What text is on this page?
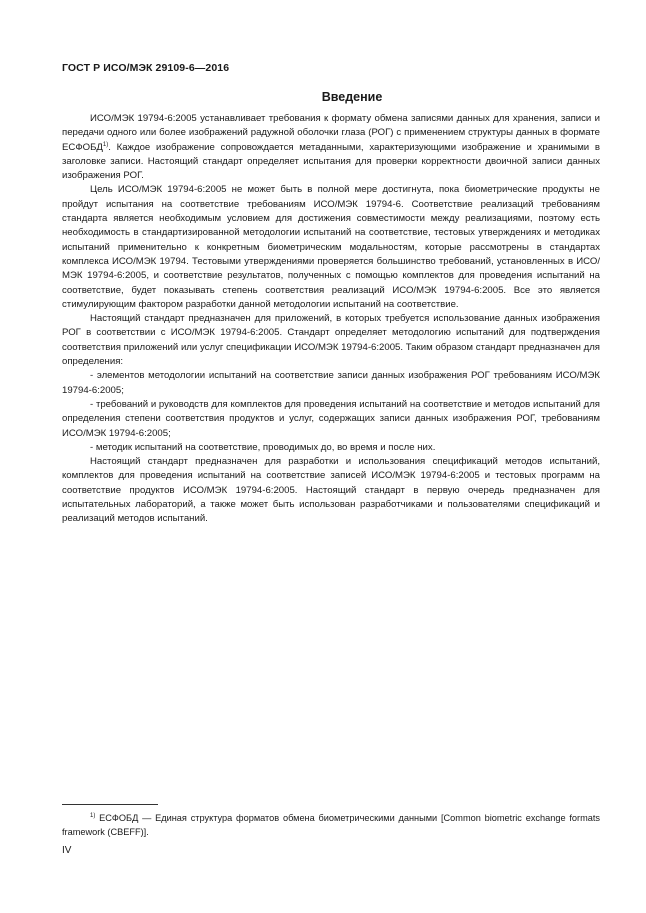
ГОСТ Р ИСО/МЭК 29109-6—2016
Введение

ИСО/МЭК 19794-6:2005 устанавливает требования к формату обмена записями данных для хранения, записи и передачи одного или более изображений радужной оболочки глаза (РОГ) с применением структуры данных в формате ЕСФОБД$^{1)}$. Каждое изображение сопровождается метаданными, характеризующими изображение и хранимыми в заголовке записи. Настоящий стандарт определяет испытания для проверки корректности двоичной записи данных изображения РОГ.

Цель ИСО/МЭК 19794-6:2005 не может быть в полной мере достигнута, пока биометрические продукты не пройдут испытания на соответствие требованиям ИСО/МЭК 19794-6. Соответствие реализаций требованиям стандарта является необходимым условием для достижения совместимости между реализациями, поэтому есть необходимость в стандартизированной методологии испытаний на соответствие, тестовых утверждениях и методиках испытаний применительно к конкретным биометрическим модальностям, которые рассмотрены в стандартах комплекса ИСО/МЭК 19794. Тестовыми утверждениями проверяется большинство требований, установленных в ИСО/МЭК 19794-6:2005, и соответствие результатов, полученных с помощью комплектов для проведения испытаний на соответствие, будет показывать степень соответствия реализаций ИСО/МЭК 19794-6:2005. Все это является стимулирующим фактором разработки данной методологии испытаний на соответствие.

Настоящий стандарт предназначен для приложений, в которых требуется использование данных изображения РОГ в соответствии с ИСО/МЭК 19794-6:2005. Стандарт определяет методологию испытаний для подтверждения соответствия приложений или услуг спецификации ИСО/МЭК 19794-6:2005. Таким образом стандарт предназначен для определения:

- элементов методологии испытаний на соответствие записи данных изображения РОГ требованиям ИСО/МЭК 19794-6:2005;

- требований и руководств для комплектов для проведения испытаний на соответствие и методов испытаний для определения степени соответствия продуктов и услуг, содержащих записи данных изображения РОГ, требованиям ИСО/МЭК 19794-6:2005;

- методик испытаний на соответствие, проводимых до, во время и после них.

Настоящий стандарт предназначен для разработки и использования спецификаций методов испытаний, комплектов для проведения испытаний на соответствие записей ИСО/МЭК 19794-6:2005 и тестовых программ на соответствие продуктов ИСО/МЭК 19794-6:2005. Настоящий стандарт в первую очередь предназначен для испытательных лабораторий, а также может быть использован разработчиками и пользователями спецификаций и реализаций методов испытаний.

$^{1)}$ ЕСФОБД — Единая структура форматов обмена биометрическими данными [Common biometric exchange formats framework (CBEFF)].
IV
